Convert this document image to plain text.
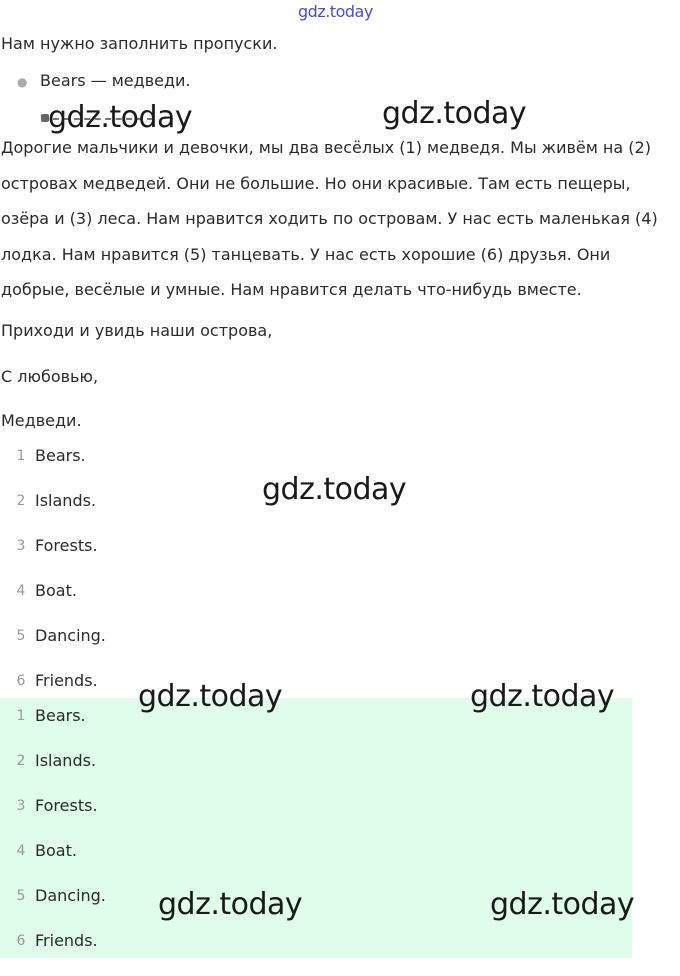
gdz.today
Нам нужно заполнить пропуски.
● Bears — медведи.

Дорогие мальчики и девочки, мы два весёлых (1) медведя. Мы живём на (2) островах медведей. Они не большие. Но они красивые. Там есть пещеры, озёра и (3) леса. Нам нравится ходить по островам. У нас есть маленькая (4) лодка. Нам нравится (5) танцевать. У нас есть хорошие (6) друзья. Они добрые, весёлые и умные. Нам нравится делать что-нибудь вместе.

Приходи и увидь наши острова,
С любовью,
Медведи.
1 Bears.
2 Islands.
3 Forests.
4 Boat.
5 Dancing.
6 Friends.
1 Bears.
2 Islands.
3 Forests.
4 Boat.
5 Dancing.
6 Friends.
gdz.today	gdz.today
gdz.today
gdz.today	gdz.today
gdz.today	gdz.today
